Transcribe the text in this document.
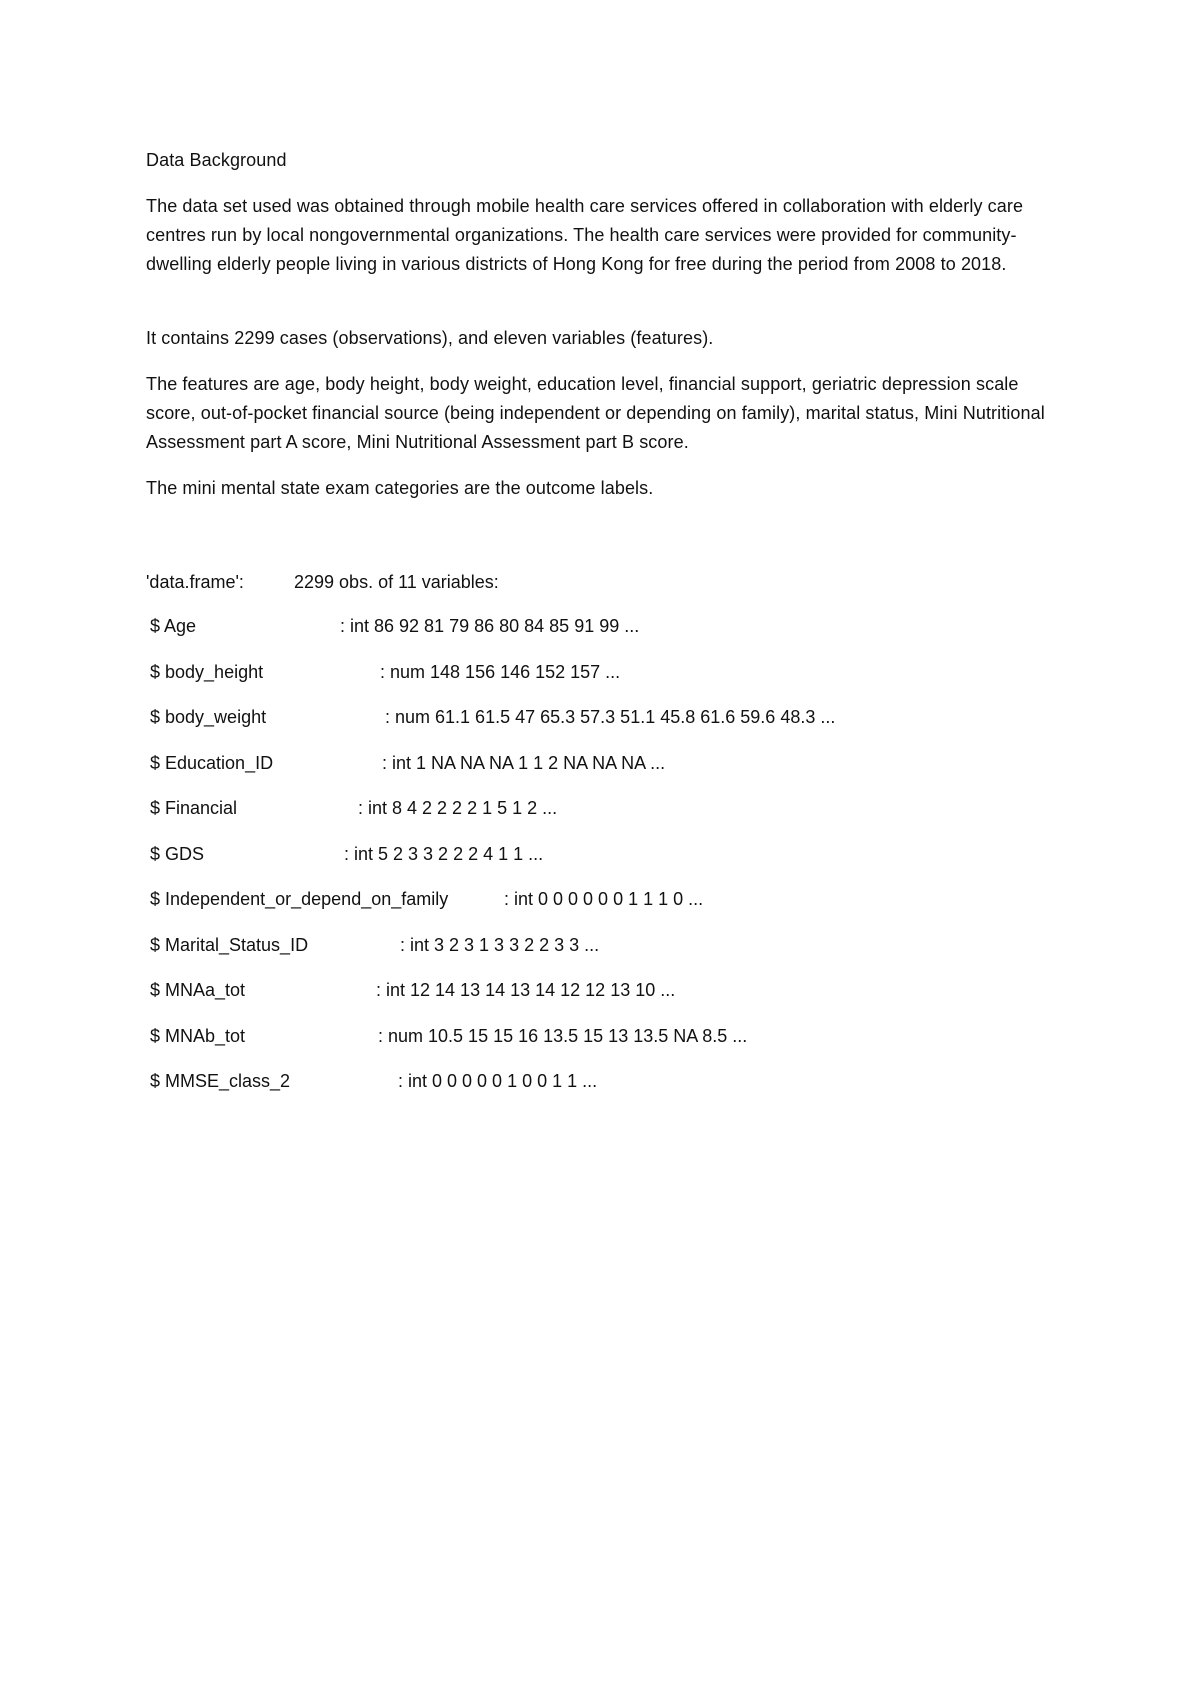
Data Background

The data set used was obtained through mobile health care services offered in collaboration with elderly care centres run by local nongovernmental organizations. The health care services were provided for community-dwelling elderly people living in various districts of Hong Kong for free during the period from 2008 to 2018.

It contains 2299 cases (observations), and eleven variables (features).

The features are age, body height, body weight, education level, financial support, geriatric depression scale score, out-of-pocket financial source (being independent or depending on family), marital status, Mini Nutritional Assessment part A score, Mini Nutritional Assessment part B score.

The mini mental state exam categories are the outcome labels.

'data.frame':	2299 obs. of 11 variables:
$ Age	: int 86 92 81 79 86 80 84 85 91 99 ...
$ body_height	: num 148 156 146 152 157 ...
$ body_weight	: num 61.1 61.5 47 65.3 57.3 51.1 45.8 61.6 59.6 48.3 ...
$ Education_ID	: int 1 NA NA NA 1 1 2 NA NA NA ...
$ Financial	: int 8 4 2 2 2 2 1 5 1 2 ...
$ GDS	: int 5 2 3 3 2 2 2 4 1 1 ...
$ Independent_or_depend_on_family	: int 0 0 0 0 0 0 1 1 1 0 ...
$ Marital_Status_ID	: int 3 2 3 1 3 3 2 2 3 3 ...
$ MNAa_tot	: int 12 14 13 14 13 14 12 12 13 10 ...
$ MNAb_tot	: num 10.5 15 15 16 13.5 15 13 13.5 NA 8.5 ...
$ MMSE_class_2	: int 0 0 0 0 0 1 0 0 1 1 ...
